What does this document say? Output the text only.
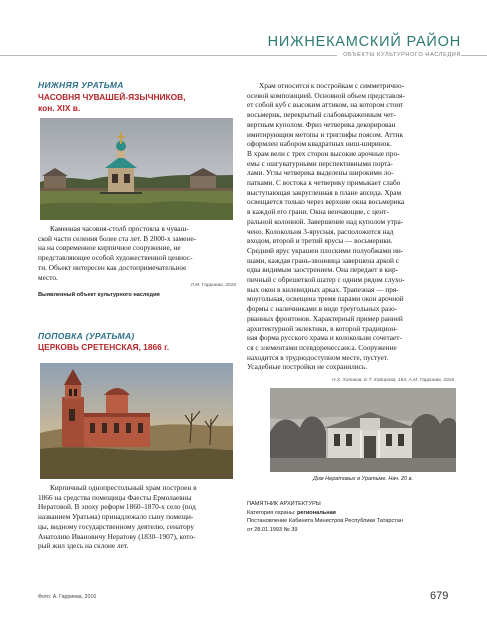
НИЖНЕКАМСКИЙ РАЙОН
ОБЪЕКТЫ КУЛЬТУРНОГО НАСЛЕДИЯ
НИЖНЯЯ УРАТЬМА
ЧАСОВНЯ ЧУВАШЕЙ-ЯЗЫЧНИКОВ,
кон. XIX в.
Каменная часовня-столб простояла в чуваш-
ской части селения более ста лет. В 2000-х замене-
на на современное кирпичное сооружение, не
представляющее особой художественной ценнос-
ти. Объект интересен как достопримечательное
место.
Л.М. Гарриева, 2016
Выявленный объект культурного наследия
ПОПОВКА (УРАТЬМА)
ЦЕРКОВЬ СРЕТЕНСКАЯ, 1866 г.
Кирпичный однопрестольный храм построен в
1866 на средства помещицы Фаесты Ермолаевны
Нератовой. В эпоху реформ 1860–1870-х село (под
названием Уратьма) принадлежало сыну помещи-
цы, видному государственному деятелю, сенатору
Анатолию Ивановичу Нератову (1830–1907), кото-
рый жил здесь на склоне лет.
Храм относится к постройкам с симметрично-
осевой композицией. Основной объем представля-
ет собой куб с высоким аттиком, на котором стоит
восьмерик, перекрытый слабовыраженным чет-
вертным куполом. Фриз четверика декорирован
имитирующим метопы и триглифы поясом. Аттик
оформлен набором квадратных ниш-ширинок.
В храм вели с трех сторон высокие арочные про-
емы с ошгуватурными перспективными порта-
лами. Углы четверика выделены широкими ло-
патками. С востока к четверику примыкает слабо
выступающая закругленная в плане апсида. Храм
освещается только через верхние окна восьмерика
в каждой его грани. Окна венчающие, с цент-
ральной колонной. Завершение над куполом утра-
чено. Колокольня 3-ярусная, расположится над
входом, второй и третий ярусы — восьмерики.
Средний ярус украшен плоскими полуобжами ни-
шами, каждая грань-звонница завершена аркой с
едва видимым заострением. Она передает в кир-
пичный с обрешеткой шатер с одним рядом слухо-
вых окон в килевидных арках. Трапезная — пря-
моугольная, освещена тремя парами окон арочной
формы с наличниками в виде треугольных разо-
рванных фронтонов. Характерный пример ранней
архитектурной эклектики, в которой традицион-
ная форма русского храма и колокольни сочетает-
ся с элементами псевдоренессанса. Сооружение
находится в труднодоступном месте, пустует.
Усадебные постройки не сохранились.
Н.Х. Халиков, Е.Т. Хайирова, 183, А.М. Гарриева, 2016
Дом Нератовых в Уратьме. Нач. 20 в.
ПАМЯТНИК АРХИТЕКТУРЫ
Категория охраны: региональная
Постановление Кабинета Министров Республики Татарстан
от 28.01.1993 № 39
Фото: А. Гарриева, 2016	679
